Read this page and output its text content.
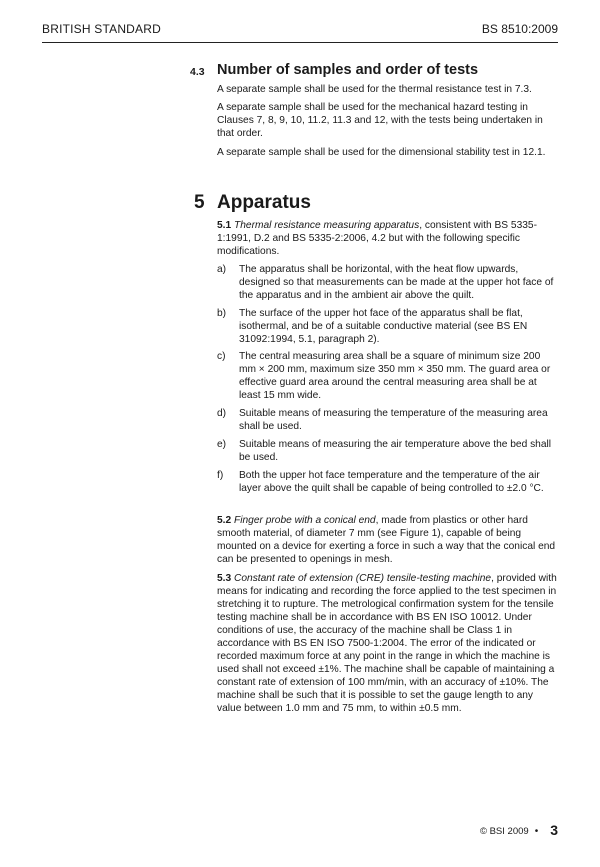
BRITISH STANDARD	BS 8510:2009
4.3 Number of samples and order of tests
A separate sample shall be used for the thermal resistance test in 7.3.
A separate sample shall be used for the mechanical hazard testing in Clauses 7, 8, 9, 10, 11.2, 11.3 and 12, with the tests being undertaken in that order.
A separate sample shall be used for the dimensional stability test in 12.1.
5 Apparatus
5.1 Thermal resistance measuring apparatus, consistent with BS 5335-1:1991, D.2 and BS 5335-2:2006, 4.2 but with the following specific modifications.
a) The apparatus shall be horizontal, with the heat flow upwards, designed so that measurements can be made at the upper hot face of the apparatus and in the ambient air above the quilt.
b) The surface of the upper hot face of the apparatus shall be flat, isothermal, and be of a suitable conductive material (see BS EN 31092:1994, 5.1, paragraph 2).
c) The central measuring area shall be a square of minimum size 200 mm × 200 mm, maximum size 350 mm × 350 mm. The guard area or effective guard area around the central measuring area shall be at least 15 mm wide.
d) Suitable means of measuring the temperature of the measuring area shall be used.
e) Suitable means of measuring the air temperature above the bed shall be used.
f) Both the upper hot face temperature and the temperature of the air layer above the quilt shall be capable of being controlled to ±2.0 °C.
5.2 Finger probe with a conical end, made from plastics or other hard smooth material, of diameter 7 mm (see Figure 1), capable of being mounted on a device for exerting a force in such a way that the conical end can be presented to openings in mesh.
5.3 Constant rate of extension (CRE) tensile-testing machine, provided with means for indicating and recording the force applied to the test specimen in stretching it to rupture. The metrological confirmation system for the tensile testing machine shall be in accordance with BS EN ISO 10012. Under conditions of use, the accuracy of the machine shall be Class 1 in accordance with BS EN ISO 7500-1:2004. The error of the indicated or recorded maximum force at any point in the range in which the machine is used shall not exceed ±1%. The machine shall be capable of maintaining a constant rate of extension of 100 mm/min, with an accuracy of ±10%. The machine shall be such that it is possible to set the gauge length to any value between 1.0 mm and 75 mm, to within ±0.5 mm.
© BSI 2009 • 3
